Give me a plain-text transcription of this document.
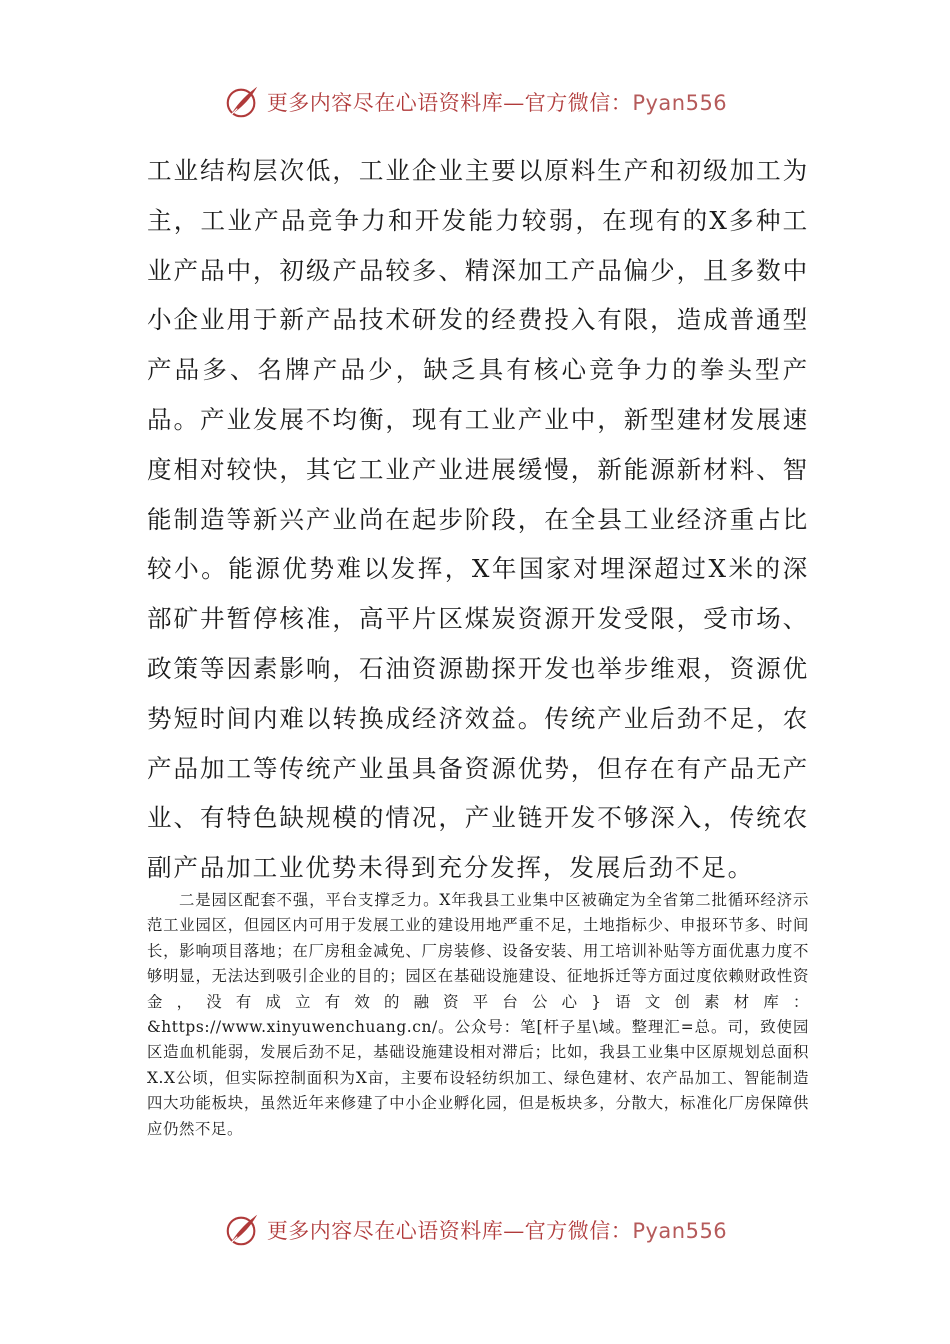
更多内容尽在心语资料库—官方微信：Pyan556

工业结构层次低，工业企业主要以原料生产和初级加工为主，工业产品竞争力和开发能力较弱，在现有的X多种工业产品中，初级产品较多、精深加工产品偏少，且多数中小企业用于新产品技术研发的经费投入有限，造成普通型产品多、名牌产品少，缺乏具有核心竞争力的拳头型产品。产业发展不均衡，现有工业产业中，新型建材发展速度相对较快，其它工业产业进展缓慢，新能源新材料、智能制造等新兴产业尚在起步阶段，在全县工业经济重占比较小。能源优势难以发挥，X年国家对埋深超过X米的深部矿井暂停核准，高平片区煤炭资源开发受限，受市场、政策等因素影响，石油资源勘探开发也举步维艰，资源优势短时间内难以转换成经济效益。传统产业后劲不足，农产品加工等传统产业虽具备资源优势，但存在有产品无产业、有特色缺规模的情况，产业链开发不够深入，传统农副产品加工业优势未得到充分发挥，发展后劲不足。

二是园区配套不强，平台支撑乏力。X年我县工业集中区被确定为全省第二批循环经济示范工业园区，但园区内可用于发展工业的建设用地严重不足，土地指标少、申报环节多、时间长，影响项目落地；在厂房租金减免、厂房装修、设备安装、用工培训补贴等方面优惠力度不够明显，无法达到吸引企业的目的；园区在基础设施建设、征地拆迁等方面过度依赖财政性资金，没有成立有效的融资平台公心}语文创素材库：&https://www.xinyuwenchuang.cn/。公众号：笔[杆子星\域。整理汇=总。司，致使园区造血机能弱，发展后劲不足，基础设施建设相对滞后；比如，我县工业集中区原规划总面积X.X公顷，但实际控制面积为X亩，主要布设轻纺织加工、绿色建材、农产品加工、智能制造四大功能板块，虽然近年来修建了中小企业孵化园，但是板块多，分散大，标准化厂房保障供应仍然不足。

更多内容尽在心语资料库—官方微信：Pyan556
